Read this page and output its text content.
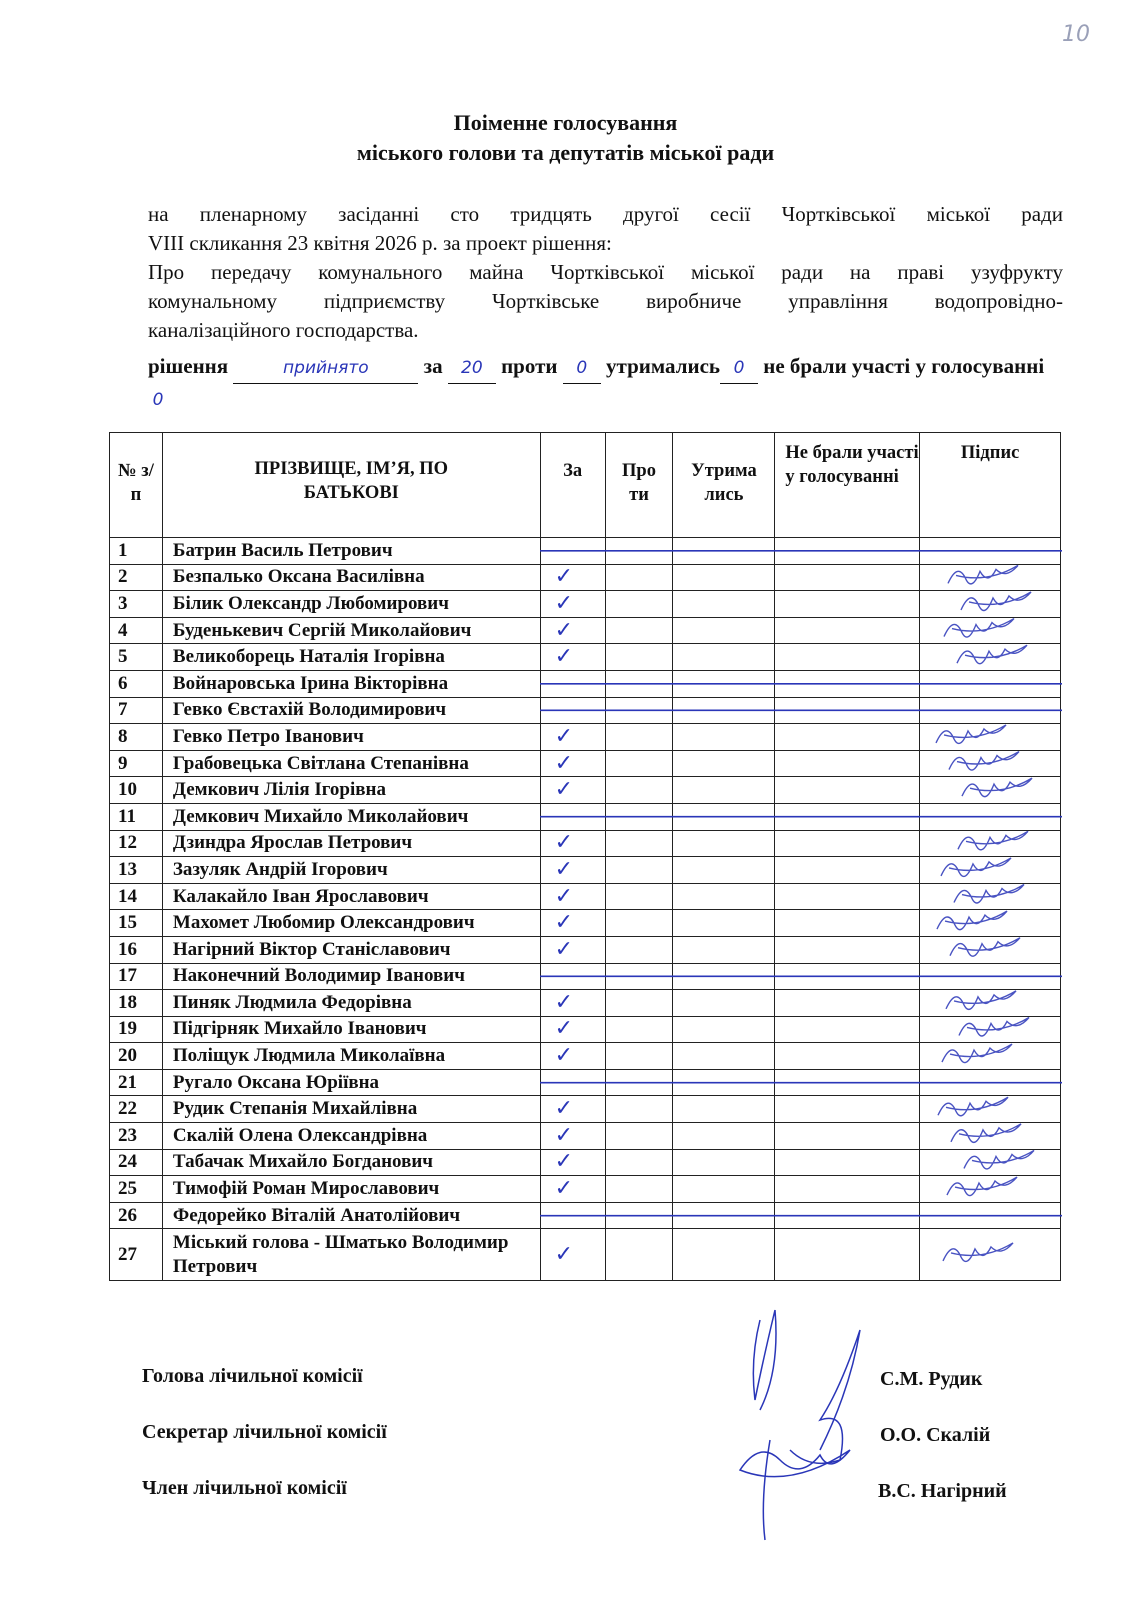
10
Поіменне голосування
міського голови та депутатів міської ради
на пленарному засіданні сто тридцять другої сесії Чортківської міської ради
VIII скликання 23 квітня 2026 р. за проект рішення:
Про передачу комунального майна Чортківської міської ради на праві узуфрукту
комунальному підприємству Чортківське виробниче управління водопровідно-
каналізаційного господарства.
рішення	прийнято	за 20 проти 0 утримались 0 не брали участі у голосуванні0
№ з/п	ПРІЗВИЩЕ, ІМ’Я, ПО БАТЬКОВІ	За	Про ти	Утрима лись	Не брали участі у голосуванні	Підпис
1	Батрин Василь Петрович					
2	Безпалько Оксана Василівна	✓				
3	Білик Олександр Любомирович	✓				
4	Буденькевич Сергій Миколайович	✓				
5	Великоборець Наталія Ігорівна	✓				
6	Войнаровська Ірина Вікторівна					
7	Гевко Євстахій Володимирович					
8	Гевко Петро Іванович	✓				
9	Грабовецька Світлана Степанівна	✓				
10	Демкович Лілія Ігорівна	✓				
11	Демкович Михайло Миколайович					
12	Дзиндра Ярослав Петрович	✓				
13	Зазуляк Андрій Ігорович	✓				
14	Калакайло Іван Ярославович	✓				
15	Махомет Любомир Олександрович	✓				
16	Нагірний Віктор Станіславович	✓				
17	Наконечний Володимир Іванович					
18	Пиняк Людмила Федорівна	✓				
19	Підгірняк Михайло Іванович	✓				
20	Поліщук Людмила Миколаївна	✓				
21	Ругало Оксана Юріївна					
22	Рудик Степанія Михайлівна	✓				
23	Скалій Олена Олександрівна	✓				
24	Табачак Михайло Богданович	✓				
25	Тимофій Роман Мирославович	✓				
26	Федорейко Віталій Анатолійович					
27	Міський голова - Шматько Володимир Петрович	✓				
Голова лічильної комісії	С.М. Рудик
Секретар лічильної комісії	О.О. Скалій
Член лічильної комісії	В.С. Нагірний
